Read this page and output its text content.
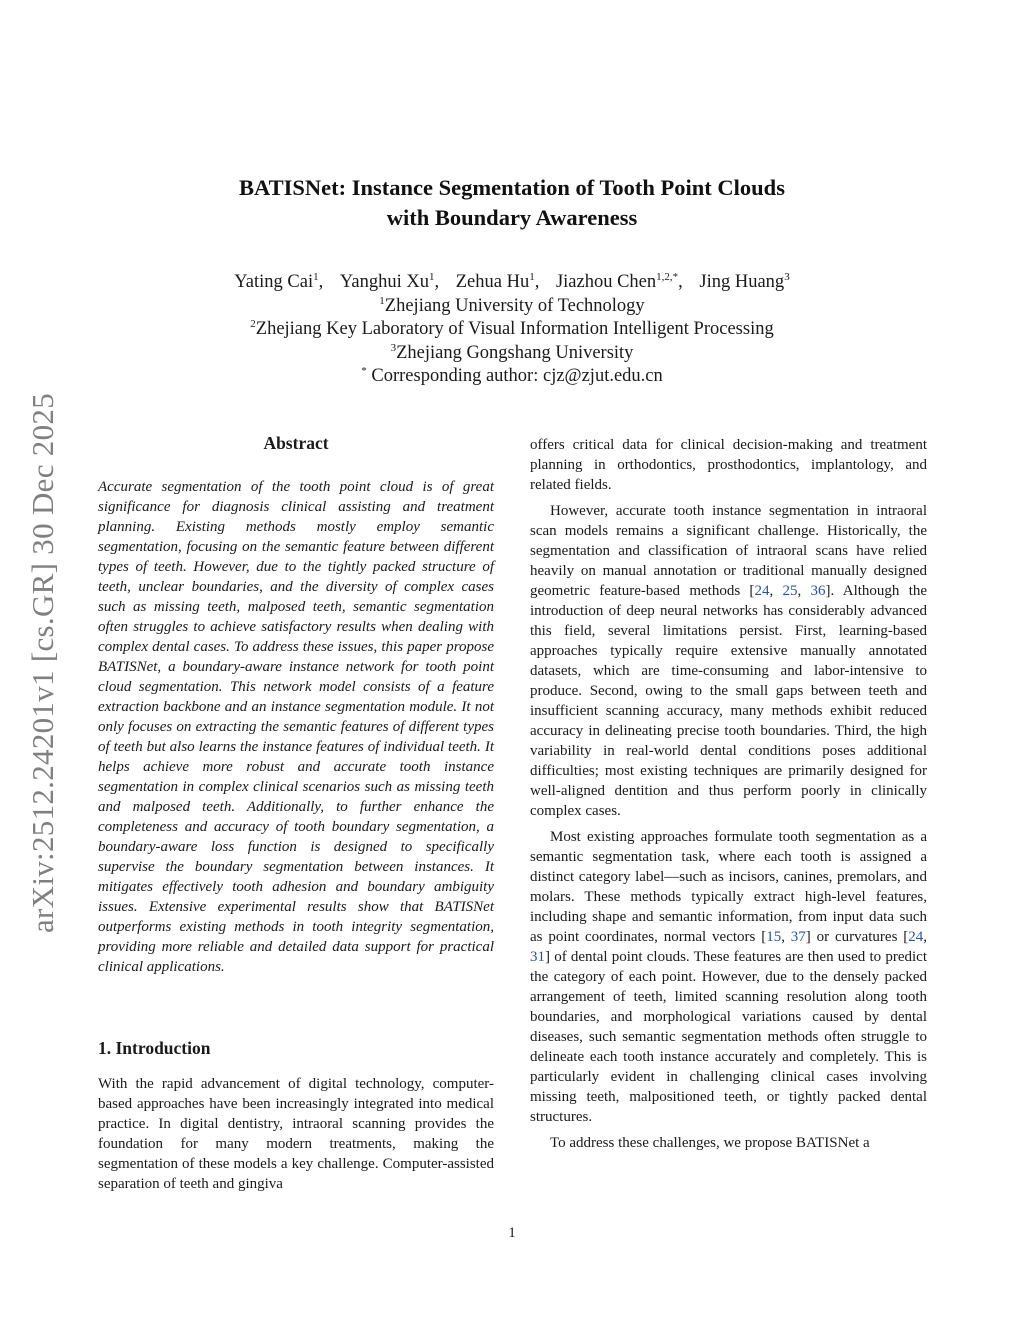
arXiv:2512.24201v1 [cs.GR] 30 Dec 2025
BATISNet: Instance Segmentation of Tooth Point Clouds
with Boundary Awareness
Yating Cai$^1$, Yanghui Xu$^1$, Zehua Hu$^1$, Jiazhou Chen$^{1,2,*}$, Jing Huang$^3$
$^1$Zhejiang University of Technology
$^2$Zhejiang Key Laboratory of Visual Information Intelligent Processing
$^3$Zhejiang Gongshang University
* Corresponding author: cjz@zjut.edu.cn
Abstract

Accurate segmentation of the tooth point cloud is of great significance for diagnosis clinical assisting and treatment planning. Existing methods mostly employ semantic segmentation, focusing on the semantic feature between different types of teeth. However, due to the tightly packed structure of teeth, unclear boundaries, and the diversity of complex cases such as missing teeth, malposed teeth, semantic segmentation often struggles to achieve satisfactory results when dealing with complex dental cases. To address these issues, this paper propose BATISNet, a boundary-aware instance network for tooth point cloud segmentation. This network model consists of a feature extraction backbone and an instance segmentation module. It not only focuses on extracting the semantic features of different types of teeth but also learns the instance features of individual teeth. It helps achieve more robust and accurate tooth instance segmentation in complex clinical scenarios such as missing teeth and malposed teeth. Additionally, to further enhance the completeness and accuracy of tooth boundary segmentation, a boundary-aware loss function is designed to specifically supervise the boundary segmentation between instances. It mitigates effectively tooth adhesion and boundary ambiguity issues. Extensive experimental results show that BATISNet outperforms existing methods in tooth integrity segmentation, providing more reliable and detailed data support for practical clinical applications.

1. Introduction

With the rapid advancement of digital technology, computer-based approaches have been increasingly integrated into medical practice. In digital dentistry, intraoral scanning provides the foundation for many modern treatments, making the segmentation of these models a key challenge. Computer-assisted separation of teeth and gingiva

offers critical data for clinical decision-making and treatment planning in orthodontics, prosthodontics, implantology, and related fields.

However, accurate tooth instance segmentation in intraoral scan models remains a significant challenge. Historically, the segmentation and classification of intraoral scans have relied heavily on manual annotation or traditional manually designed geometric feature-based methods [24, 25, 36]. Although the introduction of deep neural networks has considerably advanced this field, several limitations persist. First, learning-based approaches typically require extensive manually annotated datasets, which are time-consuming and labor-intensive to produce. Second, owing to the small gaps between teeth and insufficient scanning accuracy, many methods exhibit reduced accuracy in delineating precise tooth boundaries. Third, the high variability in real-world dental conditions poses additional difficulties; most existing techniques are primarily designed for well-aligned dentition and thus perform poorly in clinically complex cases.

Most existing approaches formulate tooth segmentation as a semantic segmentation task, where each tooth is assigned a distinct category label—such as incisors, canines, premolars, and molars. These methods typically extract high-level features, including shape and semantic information, from input data such as point coordinates, normal vectors [15, 37] or curvatures [24, 31] of dental point clouds. These features are then used to predict the category of each point. However, due to the densely packed arrangement of teeth, limited scanning resolution along tooth boundaries, and morphological variations caused by dental diseases, such semantic segmentation methods often struggle to delineate each tooth instance accurately and completely. This is particularly evident in challenging clinical cases involving missing teeth, malpositioned teeth, or tightly packed dental structures.

To address these challenges, we propose BATISNet a

1
